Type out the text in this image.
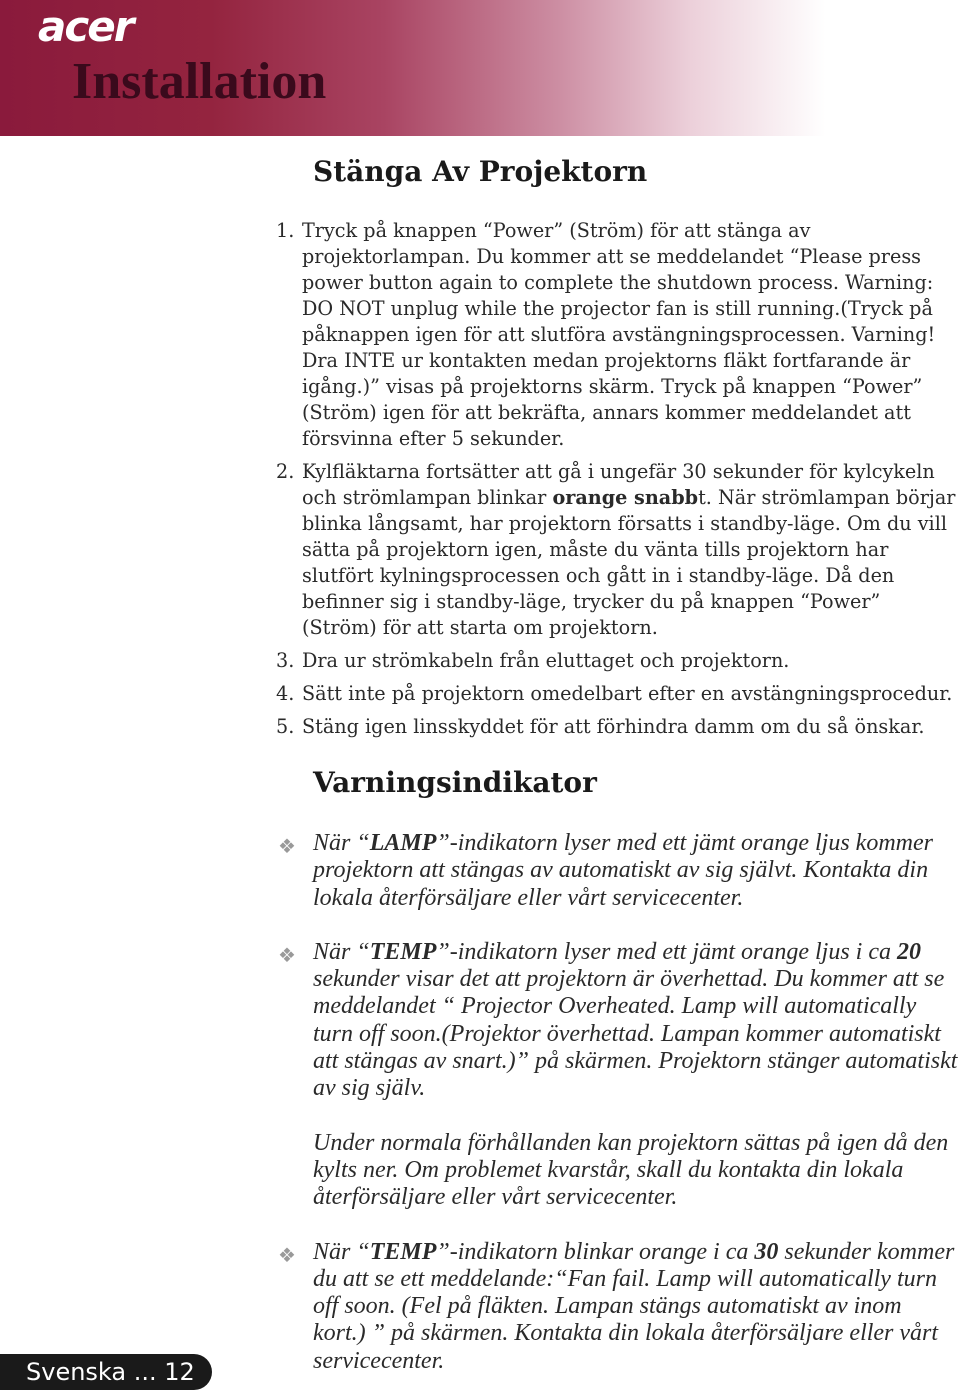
acer
Installation
Stänga Av Projektorn
1. Tryck på knappen “Power” (Ström) för att stänga av projektorlampan. Du kommer att se meddelandet “Please press power button again to complete the shutdown process. Warning: DO NOT unplug while the projector fan is still running.(Tryck på påknappen igen för att slutföra avstängningsprocessen. Varning! Dra INTE ur kontakten medan projektorns fläkt fortfarande är igång.)” visas på projektorns skärm. Tryck på knappen “Power” (Ström) igen för att bekräfta, annars kommer meddelandet att försvinna efter 5 sekunder.
2. Kylfläktarna fortsätter att gå i ungefär 30 sekunder för kylcykeln och strömlampan blinkar orange snabbt. När strömlampan börjar blinka långsamt, har projektorn försatts i standby-läge. Om du vill sätta på projektorn igen, måste du vänta tills projektorn har slutfört kylningsprocessen och gått in i standby-läge. Då den befinner sig i standby-läge, trycker du på knappen “Power” (Ström) för att starta om projektorn.
3. Dra ur strömkabeln från eluttaget och projektorn.
4. Sätt inte på projektorn omedelbart efter en avstängningsprocedur.
5. Stäng igen linsskyddet för att förhindra damm om du så önskar.
Varningsindikator
❖ När “LAMP”-indikatorn lyser med ett jämt orange ljus kommer projektorn att stängas av automatiskt av sig självt. Kontakta din lokala återförsäljare eller vårt servicecenter.
❖ När “TEMP”-indikatorn lyser med ett jämt orange ljus i ca 20 sekunder visar det att projektorn är överhettad. Du kommer att se meddelandet “ Projector Overheated. Lamp will automatically turn off soon.(Projektor överhettad. Lampan kommer automatiskt att stängas av snart.)” på skärmen. Projektorn stänger automatiskt av sig själv.
Under normala förhållanden kan projektorn sättas på igen då den kylts ner. Om problemet kvarstår, skall du kontakta din lokala återförsäljare eller vårt servicecenter.
❖ När “TEMP”-indikatorn blinkar orange i ca 30 sekunder kommer du att se ett meddelande:“Fan fail. Lamp will automatically turn off soon. (Fel på fläkten. Lampan stängs automatiskt av inom kort.) ” på skärmen. Kontakta din lokala återförsäljare eller vårt servicecenter.
Svenska ... 12
